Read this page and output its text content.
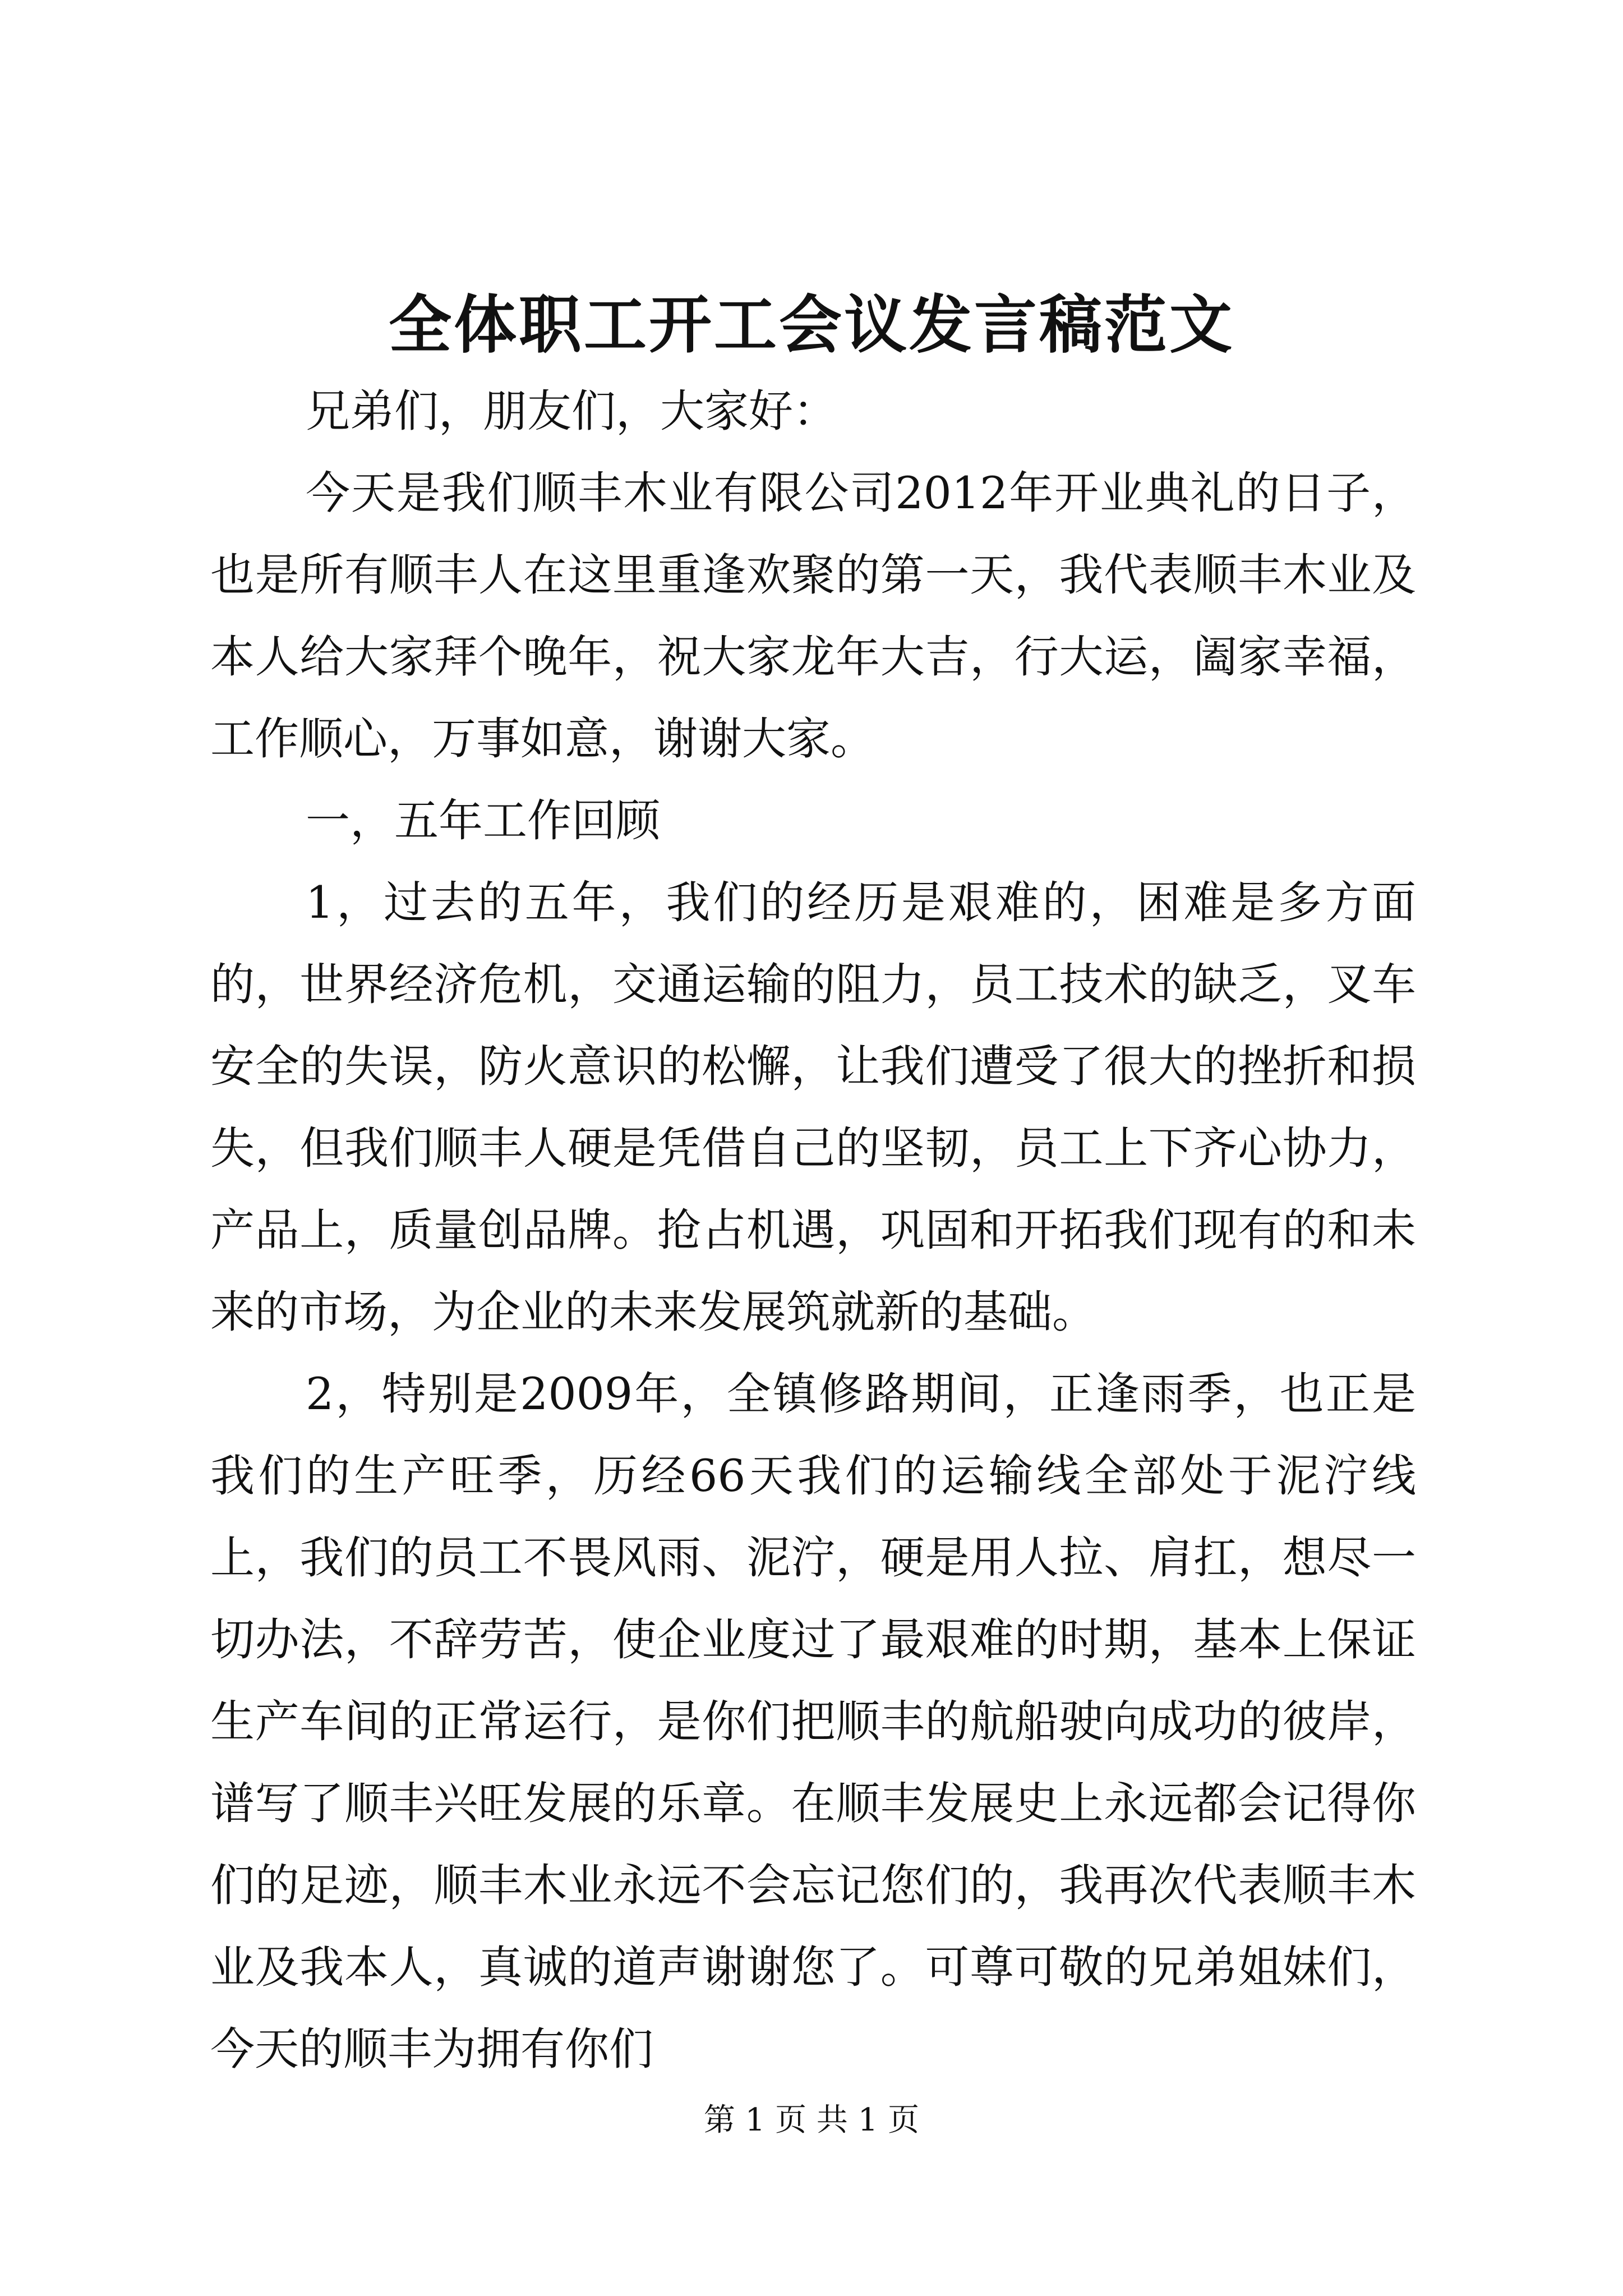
全体职工开工会议发言稿范文

兄弟们，朋友们，大家好：

今天是我们顺丰木业有限公司2012年开业典礼的日子，也是所有顺丰人在这里重逢欢聚的第一天，我代表顺丰木业及本人给大家拜个晚年，祝大家龙年大吉，行大运，阖家幸福，工作顺心，万事如意，谢谢大家。

一，五年工作回顾

1，过去的五年，我们的经历是艰难的，困难是多方面的，世界经济危机，交通运输的阻力，员工技术的缺乏，叉车安全的失误，防火意识的松懈，让我们遭受了很大的挫折和损失，但我们顺丰人硬是凭借自己的坚韧，员工上下齐心协力，产品上，质量创品牌。抢占机遇，巩固和开拓我们现有的和未来的市场，为企业的未来发展筑就新的基础。

2，特别是2009年，全镇修路期间，正逢雨季，也正是我们的生产旺季，历经66天我们的运输线全部处于泥泞线上，我们的员工不畏风雨、泥泞，硬是用人拉、肩扛，想尽一切办法，不辞劳苦，使企业度过了最艰难的时期，基本上保证生产车间的正常运行，是你们把顺丰的航船驶向成功的彼岸，谱写了顺丰兴旺发展的乐章。在顺丰发展史上永远都会记得你们的足迹，顺丰木业永远不会忘记您们的，我再次代表顺丰木业及我本人，真诚的道声谢谢您了。可尊可敬的兄弟姐妹们，今天的顺丰为拥有你们

第 1 页 共 1 页
